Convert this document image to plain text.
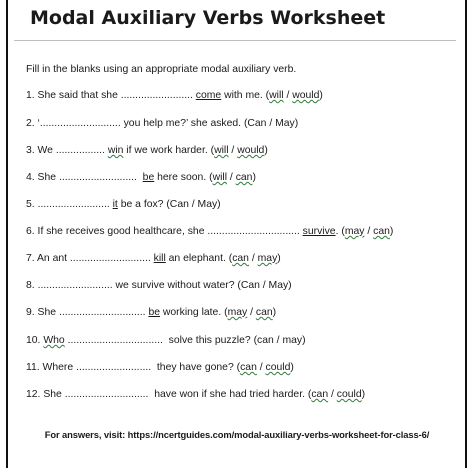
Modal Auxiliary Verbs Worksheet
Fill in the blanks using an appropriate modal auxiliary verb.
1. She said that she ......................... come with me. (will / would)
2. ‘............................ you help me?’ she asked. (Can / May)
3. We ................. win if we work harder. (will / would)
4. She ........................... be here soon. (will / can)
5. ......................... it be a fox? (Can / May)
6. If she receives good healthcare, she ................................ survive. (may / can)
7. An ant ............................ kill an elephant. (can / may)
8. .......................... we survive without water? (Can / May)
9. She .............................. be working late. (may / can)
10. Who .................................  solve this puzzle? (can / may)
11. Where ..........................  they have gone? (can / could)
12. She .............................  have won if she had tried harder. (can / could)
For answers, visit: https://ncertguides.com/modal-auxiliary-verbs-worksheet-for-class-6/
